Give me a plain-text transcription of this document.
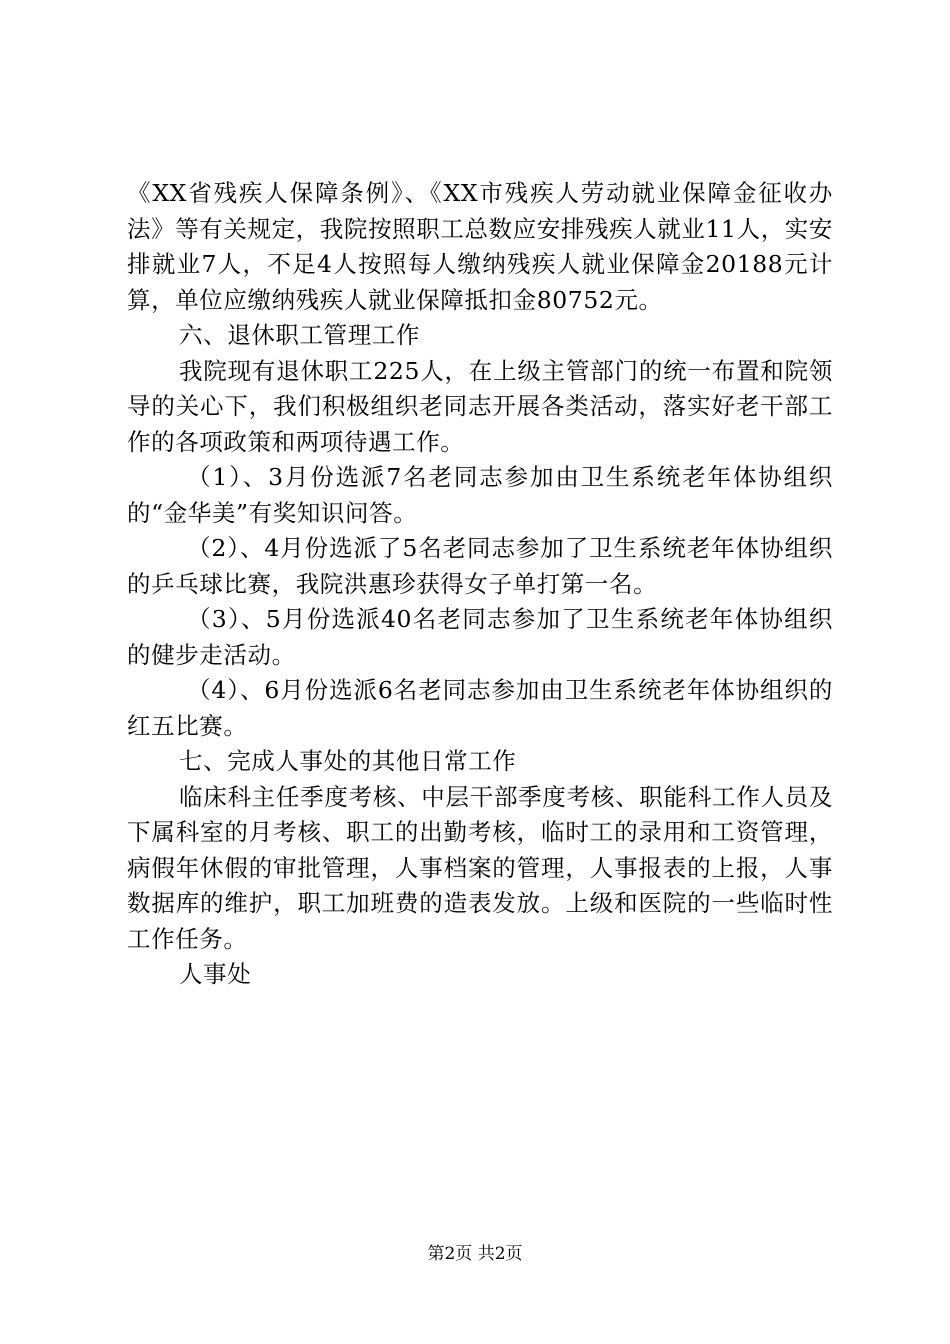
《XX省残疾人保障条例》、《XX市残疾人劳动就业保障金征收办法》等有关规定，我院按照职工总数应安排残疾人就业11人，实安排就业7人，不足4人按照每人缴纳残疾人就业保障金20188元计算，单位应缴纳残疾人就业保障抵扣金80752元。

六、退休职工管理工作

我院现有退休职工225人，在上级主管部门的统一布置和院领导的关心下，我们积极组织老同志开展各类活动，落实好老干部工作的各项政策和两项待遇工作。

（1）、3月份选派7名老同志参加由卫生系统老年体协组织的“金华美”有奖知识问答。

（2）、4月份选派了5名老同志参加了卫生系统老年体协组织的乒乓球比赛，我院洪惠珍获得女子单打第一名。

（3）、5月份选派40名老同志参加了卫生系统老年体协组织的健步走活动。

（4）、6月份选派6名老同志参加由卫生系统老年体协组织的红五比赛。

七、完成人事处的其他日常工作

临床科主任季度考核、中层干部季度考核、职能科工作人员及下属科室的月考核、职工的出勤考核，临时工的录用和工资管理，病假年休假的审批管理，人事档案的管理，人事报表的上报，人事数据库的维护，职工加班费的造表发放。上级和医院的一些临时性工作任务。

人事处

第2页 共2页
